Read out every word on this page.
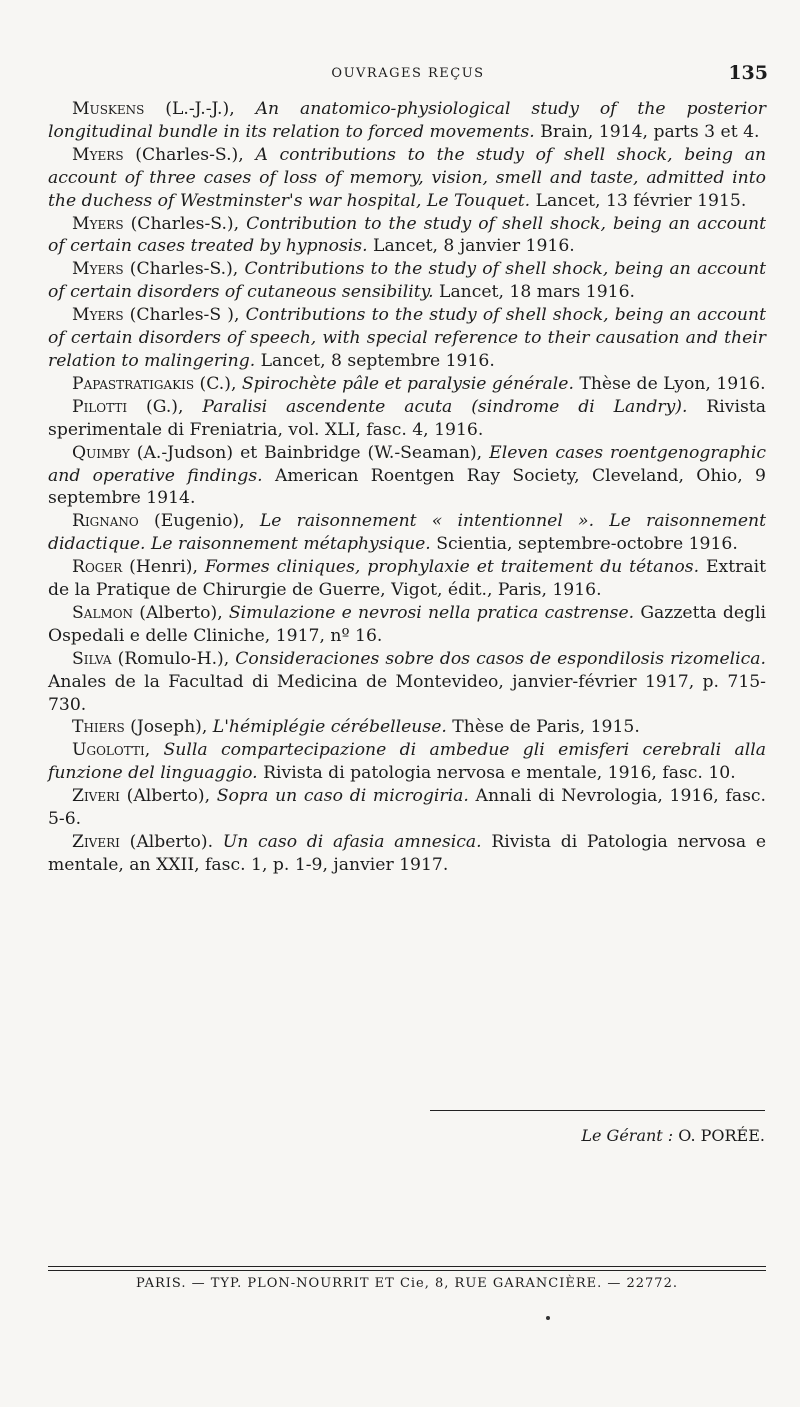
OUVRAGES REÇUS	135

Muskens (L.-J.-J.), An anatomico-physiological study of the posterior longitudinal bundle in its relation to forced movements. Brain, 1914, parts 3 et 4.

Myers (Charles-S.), A contributions to the study of shell shock, being an account of three cases of loss of memory, vision, smell and taste, admitted into the duchess of Westminster's war hospital, Le Touquet. Lancet, 13 février 1915.

Myers (Charles-S.), Contribution to the study of shell shock, being an account of certain cases treated by hypnosis. Lancet, 8 janvier 1916.

Myers (Charles-S.), Contributions to the study of shell shock, being an account of certain disorders of cutaneous sensibility. Lancet, 18 mars 1916.

Myers (Charles-S ), Contributions to the study of shell shock, being an account of certain disorders of speech, with special reference to their causation and their relation to malingering. Lancet, 8 septembre 1916.

Papastratigakis (C.), Spirochète pâle et paralysie générale. Thèse de Lyon, 1916.

Pilotti (G.), Paralisi ascendente acuta (sindrome di Landry). Rivista sperimentale di Freniatria, vol. XLI, fasc. 4, 1916.

Quimby (A.-Judson) et Bainbridge (W.-Seaman), Eleven cases roentgenographic and operative findings. American Roentgen Ray Society, Cleveland, Ohio, 9 septembre 1914.

Rignano (Eugenio), Le raisonnement « intentionnel ». Le raisonnement didactique. Le raisonnement métaphysique. Scientia, septembre-octobre 1916.

Roger (Henri), Formes cliniques, prophylaxie et traitement du tétanos. Extrait de la Pratique de Chirurgie de Guerre, Vigot, édit., Paris, 1916.

Salmon (Alberto), Simulazione e nevrosi nella pratica castrense. Gazzetta degli Ospedali e delle Cliniche, 1917, nº 16.

Silva (Romulo-H.), Consideraciones sobre dos casos de espondilosis rizomelica. Anales de la Facultad di Medicina de Montevideo, janvier-février 1917, p. 715-730.

Thiers (Joseph), L'hémiplégie cérébelleuse. Thèse de Paris, 1915.

Ugolotti, Sulla compartecipazione di ambedue gli emisferi cerebrali alla funzione del linguaggio. Rivista di patologia nervosa e mentale, 1916, fasc. 10.

Ziveri (Alberto), Sopra un caso di microgiria. Annali di Nevrologia, 1916, fasc. 5-6.

Ziveri (Alberto). Un caso di afasia amnesica. Rivista di Patologia nervosa e mentale, an XXII, fasc. 1, p. 1-9, janvier 1917.

Le Gérant : O. PORÉE.
PARIS. — TYP. PLON-NOURRIT ET Cie, 8, RUE GARANCIÈRE. — 22772.
